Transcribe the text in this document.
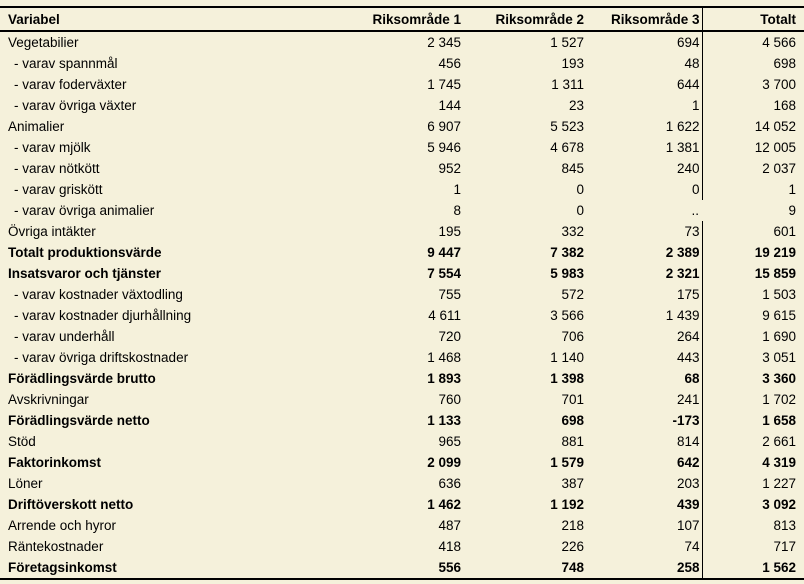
Variabel	Riksområde 1	Riksområde 2	Riksområde 3	Totalt
Vegetabilier	2 345	1 527	694	4 566
- varav spannmål	456	193	48	698
- varav foderväxter	1 745	1 311	644	3 700
- varav övriga växter	144	23	1	168
Animalier	6 907	5 523	1 622	14 052
- varav mjölk	5 946	4 678	1 381	12 005
- varav nötkött	952	845	240	2 037
- varav griskött	1	0	0	1
- varav övriga animalier	8	0	..	9
Övriga intäkter	195	332	73	601
Totalt produktionsvärde	9 447	7 382	2 389	19 219
Insatsvaror och tjänster	7 554	5 983	2 321	15 859
- varav kostnader växtodling	755	572	175	1 503
- varav kostnader djurhållning	4 611	3 566	1 439	9 615
- varav underhåll	720	706	264	1 690
- varav övriga driftskostnader	1 468	1 140	443	3 051
Förädlingsvärde brutto	1 893	1 398	68	3 360
Avskrivningar	760	701	241	1 702
Förädlingsvärde netto	1 133	698	-173	1 658
Stöd	965	881	814	2 661
Faktorinkomst	2 099	1 579	642	4 319
Löner	636	387	203	1 227
Driftöverskott netto	1 462	1 192	439	3 092
Arrende och hyror	487	218	107	813
Räntekostnader	418	226	74	717
Företagsinkomst	556	748	258	1 562
